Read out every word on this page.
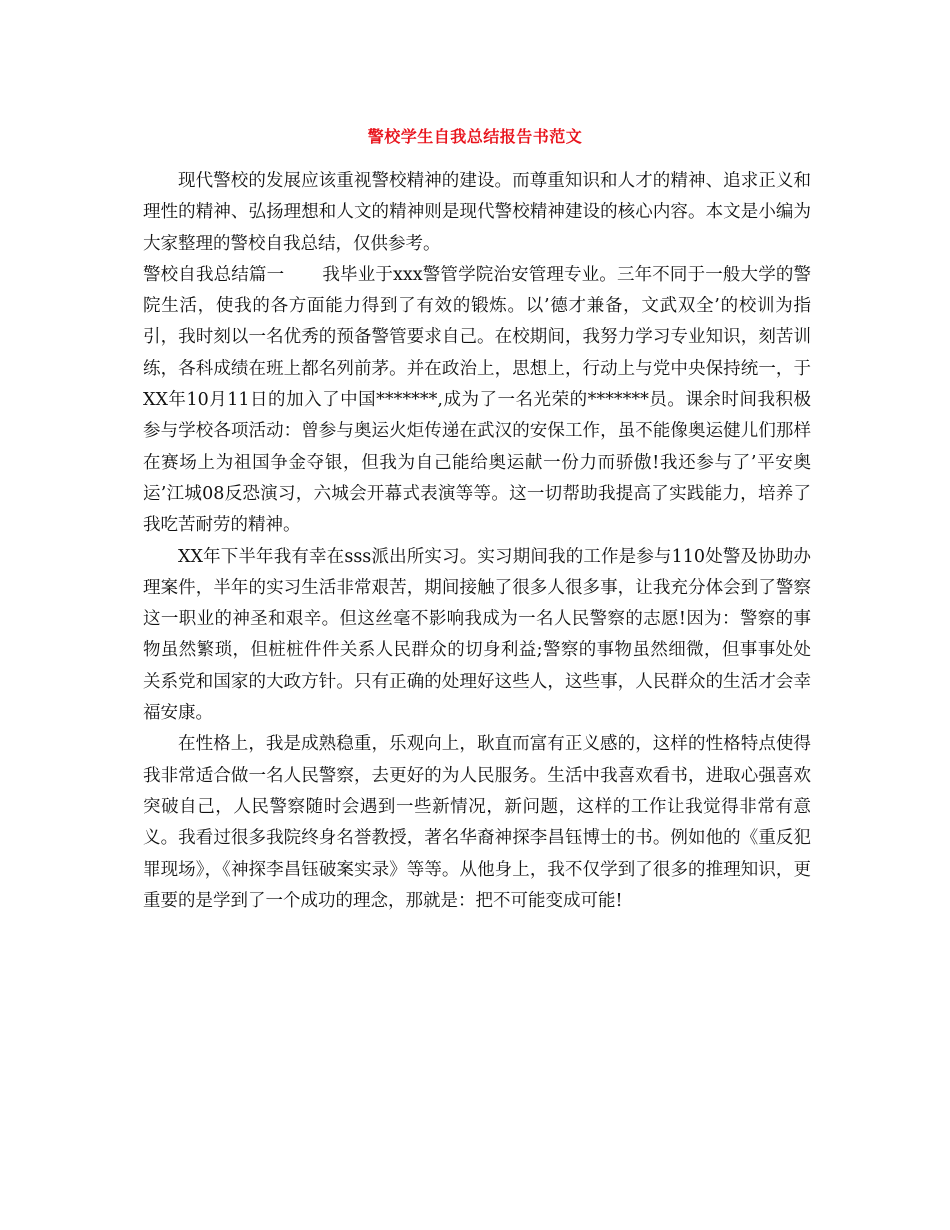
警校学生自我总结报告书范文

现代警校的发展应该重视警校精神的建设。而尊重知识和人才的精神、追求正义和理性的精神、弘扬理想和人文的精神则是现代警校精神建设的核心内容。本文是小编为大家整理的警校自我总结，仅供参考。

警校自我总结篇一 我毕业于xxx警管学院治安管理专业。三年不同于一般大学的警院生活，使我的各方面能力得到了有效的锻炼。以’德才兼备，文武双全’的校训为指引，我时刻以一名优秀的预备警管要求自己。在校期间，我努力学习专业知识，刻苦训练，各科成绩在班上都名列前茅。并在政治上，思想上，行动上与党中央保持统一，于XX年10月11日的加入了中国*******,成为了一名光荣的*******员。课余时间我积极参与学校各项活动：曾参与奥运火炬传递在武汉的安保工作，虽不能像奥运健儿们那样在赛场上为祖国争金夺银，但我为自己能给奥运献一份力而骄傲!我还参与了’平安奥运’江城08反恐演习，六城会开幕式表演等等。这一切帮助我提高了实践能力，培养了我吃苦耐劳的精神。

XX年下半年我有幸在sss派出所实习。实习期间我的工作是参与110处警及协助办理案件，半年的实习生活非常艰苦，期间接触了很多人很多事，让我充分体会到了警察这一职业的神圣和艰辛。但这丝毫不影响我成为一名人民警察的志愿!因为：警察的事物虽然繁琐，但桩桩件件关系人民群众的切身利益;警察的事物虽然细微，但事事处处关系党和国家的大政方针。只有正确的处理好这些人，这些事，人民群众的生活才会幸福安康。

在性格上，我是成熟稳重，乐观向上，耿直而富有正义感的，这样的性格特点使得我非常适合做一名人民警察，去更好的为人民服务。生活中我喜欢看书，进取心强喜欢突破自己，人民警察随时会遇到一些新情况，新问题，这样的工作让我觉得非常有意义。我看过很多我院终身名誉教授，著名华裔神探李昌钰博士的书。例如他的《重反犯罪现场》，《神探李昌钰破案实录》等等。从他身上，我不仅学到了很多的推理知识，更重要的是学到了一个成功的理念，那就是：把不可能变成可能!
